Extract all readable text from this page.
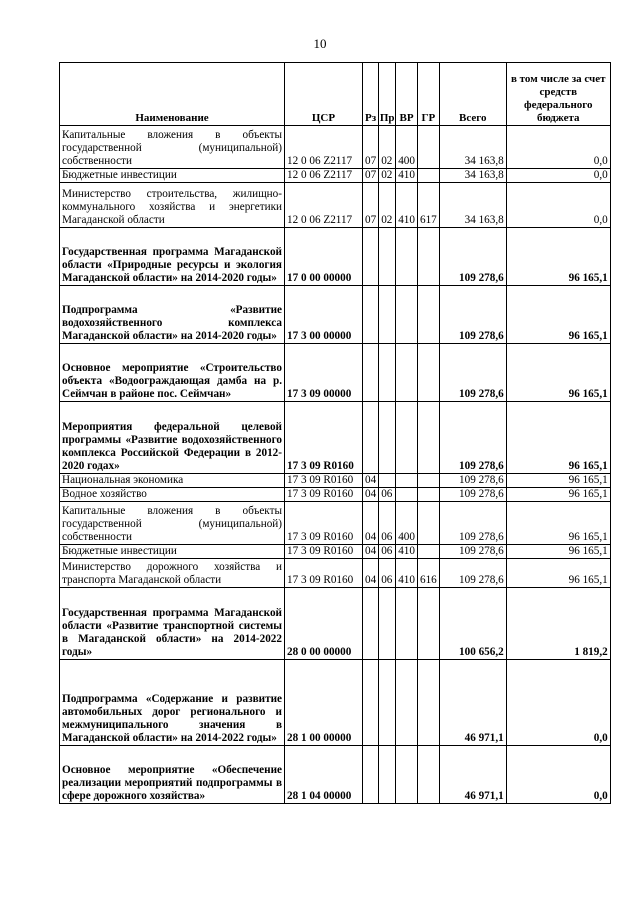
10
Наименование	ЦСР	Рз	Пр	ВР	ГР	Всего	в том числе за счет средств федерального бюджета
Капитальные вложения в объекты государственной (муниципальной) собственности	12 0 06 Z2117	07	02	400		34 163,8	0,0
Бюджетные инвестиции	12 0 06 Z2117	07	02	410		34 163,8	0,0
Министерство строительства, жилищно-коммунального хозяйства и энергетики Магаданской области	12 0 06 Z2117	07	02	410	617	34 163,8	0,0
Государственная программа Магаданской области «Природные ресурсы и экология Магаданской области» на 2014-2020 годы»	17 0 00 00000					109 278,6	96 165,1
Подпрограмма «Развитие водохозяйственного комплекса Магаданской области» на 2014-2020 годы»	17 3 00 00000					109 278,6	96 165,1
Основное мероприятие «Строительство объекта «Водоограждающая дамба на р. Сеймчан в районе пос. Сеймчан»	17 3 09 00000					109 278,6	96 165,1
Мероприятия федеральной целевой программы «Развитие водохозяйственного комплекса Российской Федерации в 2012-2020 годах»	17 3 09 R0160					109 278,6	96 165,1
Национальная экономика	17 3 09 R0160	04				109 278,6	96 165,1
Водное хозяйство	17 3 09 R0160	04	06			109 278,6	96 165,1
Капитальные вложения в объекты государственной (муниципальной) собственности	17 3 09 R0160	04	06	400		109 278,6	96 165,1
Бюджетные инвестиции	17 3 09 R0160	04	06	410		109 278,6	96 165,1
Министерство дорожного хозяйства и транспорта Магаданской области	17 3 09 R0160	04	06	410	616	109 278,6	96 165,1
Государственная программа Магаданской области «Развитие транспортной системы в Магаданской области» на 2014-2022 годы»	28 0 00 00000					100 656,2	1 819,2
Подпрограмма «Содержание и развитие автомобильных дорог регионального и межмуниципального значения в Магаданской области» на 2014-2022 годы»	28 1 00 00000					46 971,1	0,0
Основное мероприятие «Обеспечение реализации мероприятий подпрограммы в сфере дорожного хозяйства»	28 1 04 00000					46 971,1	0,0
